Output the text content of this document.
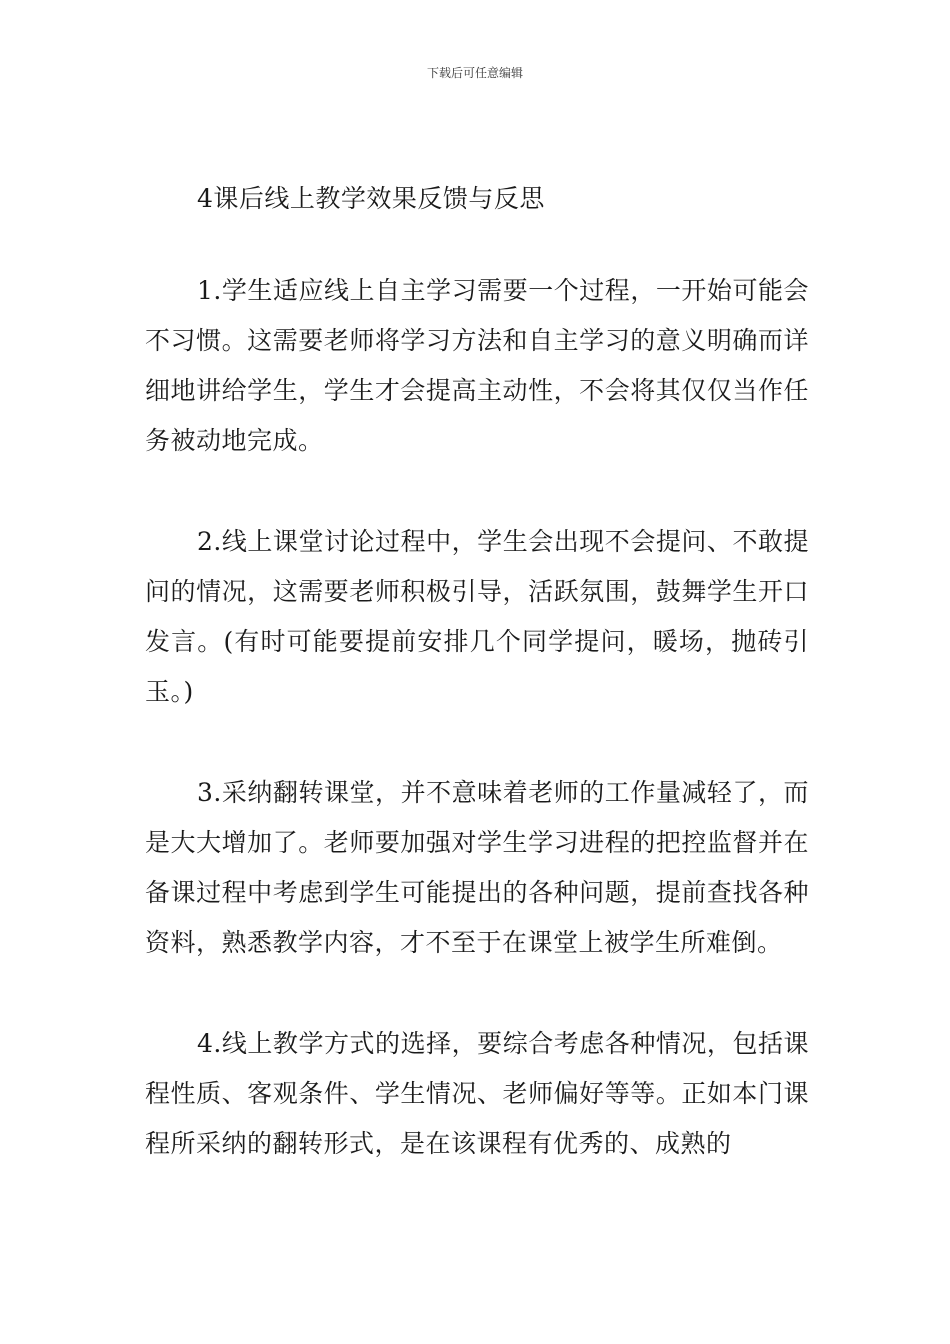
下载后可任意编辑
4课后线上教学效果反馈与反思

1.学生适应线上自主学习需要一个过程，一开始可能会不习惯。这需要老师将学习方法和自主学习的意义明确而详细地讲给学生，学生才会提高主动性，不会将其仅仅当作任务被动地完成。

2.线上课堂讨论过程中，学生会出现不会提问、不敢提问的情况，这需要老师积极引导，活跃氛围，鼓舞学生开口发言。(有时可能要提前安排几个同学提问，暖场，抛砖引玉。)

3.采纳翻转课堂，并不意味着老师的工作量减轻了，而是大大增加了。老师要加强对学生学习进程的把控监督并在备课过程中考虑到学生可能提出的各种问题，提前查找各种资料，熟悉教学内容，才不至于在课堂上被学生所难倒。

4.线上教学方式的选择，要综合考虑各种情况，包括课程性质、客观条件、学生情况、老师偏好等等。正如本门课程所采纳的翻转形式，是在该课程有优秀的、成熟的
